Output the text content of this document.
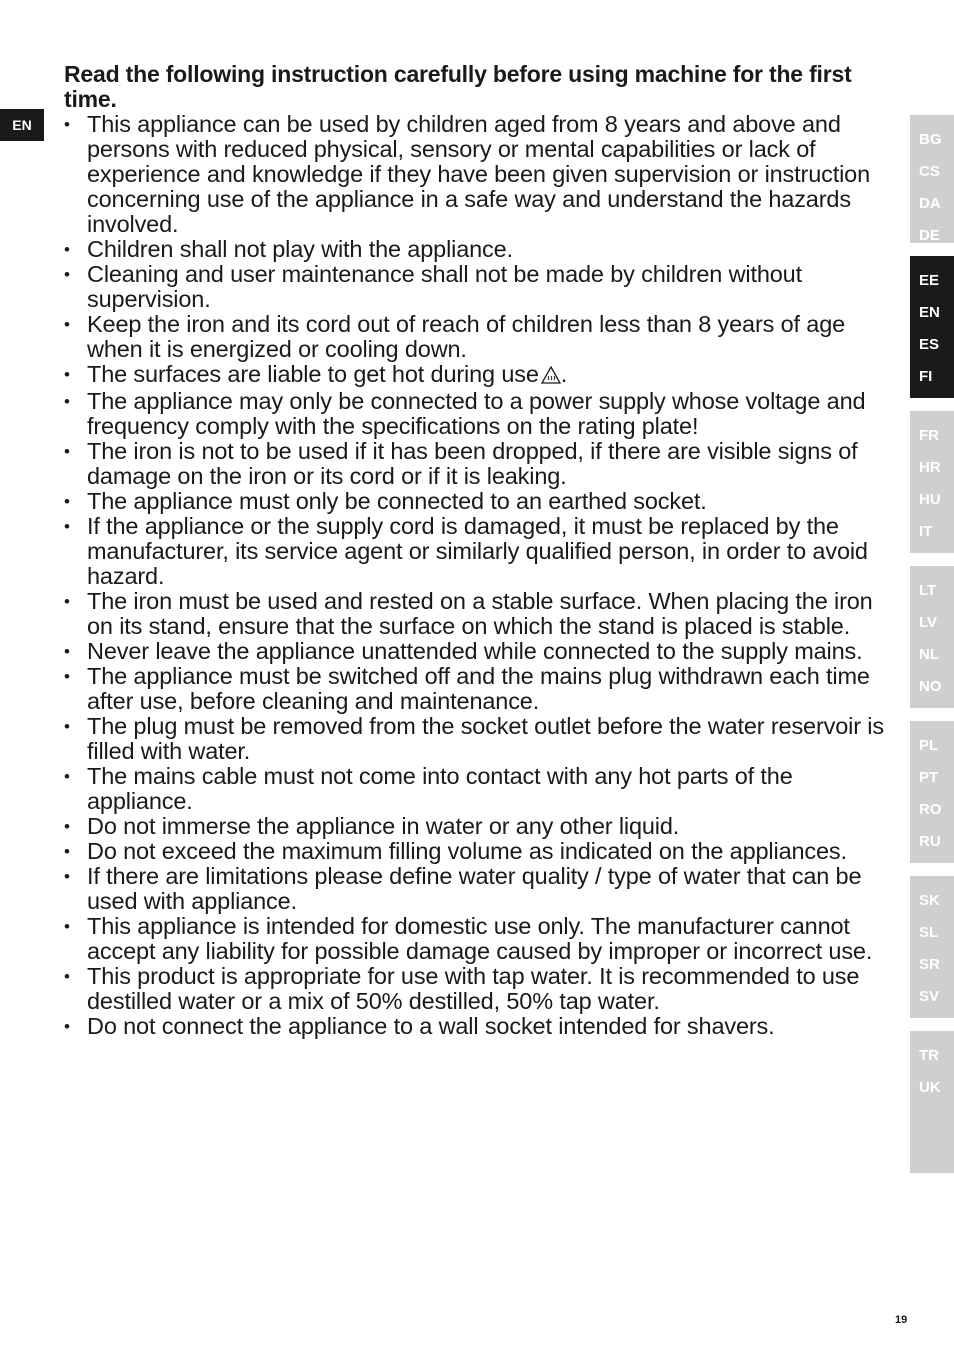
EN
Read the following instruction carefully before using machine for the first time.
• This appliance can be used by children aged from 8 years and above and persons with reduced physical, sensory or mental capabilities or lack of experience and knowledge if they have been given supervision or instruction concerning use of the appliance in a safe way and understand the hazards involved.
• Children shall not play with the appliance.
• Cleaning and user maintenance shall not be made by children without supervision.
• Keep the iron and its cord out of reach of children less than 8 years of age when it is energized or cooling down.
• The surfaces are liable to get hot during use .
• The appliance may only be connected to a power supply whose voltage and frequency comply with the specifications on the rating plate!
• The iron is not to be used if it has been dropped, if there are visible signs of damage on the iron or its cord or if it is leaking.
• The appliance must only be connected to an earthed socket.
• If the appliance or the supply cord is damaged, it must be replaced by the manufacturer, its service agent or similarly qualified person, in order to avoid hazard.
• The iron must be used and rested on a stable surface. When placing the iron on its stand, ensure that the surface on which the stand is placed is stable.
• Never leave the appliance unattended while connected to the supply mains.
• The appliance must be switched off and the mains plug withdrawn each time after use, before cleaning and maintenance.
• The plug must be removed from the socket outlet before the water reservoir is filled with water.
• The mains cable must not come into contact with any hot parts of the appliance.
• Do not immerse the appliance in water or any other liquid.
• Do not exceed the maximum filling volume as indicated on the appliances.
• If there are limitations please define water quality / type of water that can be used with appliance.
• This appliance is intended for domestic use only. The manufacturer cannot accept any liability for possible damage caused by improper or incorrect use.
• This product is appropriate for use with tap water. It is recommended to use destilled water or a mix of 50% destilled, 50% tap water.
• Do not connect the appliance to a wall socket intended for shavers.
BG
CS
DA
DE
EE
EN
ES
FI
FR
HR
HU
IT
LT
LV
NL
NO
PL
PT
RO
RU
SK
SL
SR
SV
TR
UK
19
